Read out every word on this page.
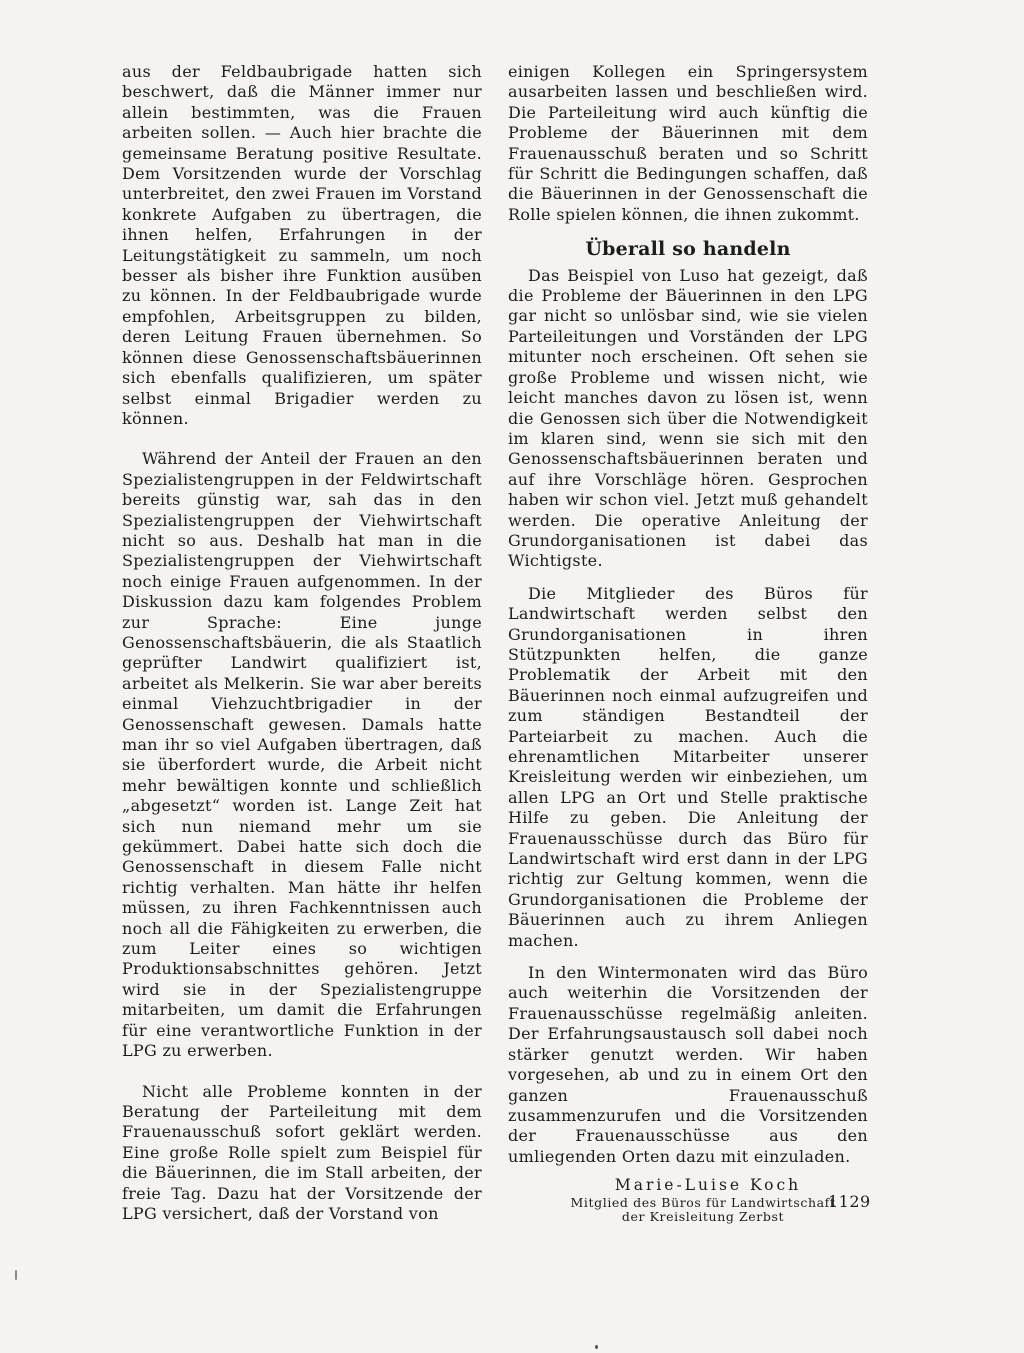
aus der Feldbaubrigade hatten sich beschwert, daß die Männer immer nur allein bestimmten, was die Frauen arbeiten sollen. — Auch hier brachte die gemeinsame Beratung positive Resultate. Dem Vorsitzenden wurde der Vorschlag unterbreitet, den zwei Frauen im Vorstand konkrete Aufgaben zu übertragen, die ihnen helfen, Erfahrungen in der Leitungstätigkeit zu sammeln, um noch besser als bisher ihre Funktion ausüben zu können. In der Feldbaubrigade wurde empfohlen, Arbeitsgruppen zu bilden, deren Leitung Frauen übernehmen. So können diese Genossenschaftsbäuerinnen sich ebenfalls qualifizieren, um später selbst einmal Brigadier werden zu können.

Während der Anteil der Frauen an den Spezialistengruppen in der Feldwirtschaft bereits günstig war, sah das in den Spezialistengruppen der Viehwirtschaft nicht so aus. Deshalb hat man in die Spezialistengruppen der Viehwirtschaft noch einige Frauen aufgenommen. In der Diskussion dazu kam folgendes Problem zur Sprache: Eine junge Genossenschaftsbäuerin, die als Staatlich geprüfter Landwirt qualifiziert ist, arbeitet als Melkerin. Sie war aber bereits einmal Viehzuchtbrigadier in der Genossenschaft gewesen. Damals hatte man ihr so viel Aufgaben übertragen, daß sie überfordert wurde, die Arbeit nicht mehr bewältigen konnte und schließlich „abgesetzt“ worden ist. Lange Zeit hat sich nun niemand mehr um sie gekümmert. Dabei hatte sich doch die Genossenschaft in diesem Falle nicht richtig verhalten. Man hätte ihr helfen müssen, zu ihren Fachkenntnissen auch noch all die Fähigkeiten zu erwerben, die zum Leiter eines so wichtigen Produktionsabschnittes gehören. Jetzt wird sie in der Spezialistengruppe mitarbeiten, um damit die Erfahrungen für eine verantwortliche Funktion in der LPG zu erwerben.

Nicht alle Probleme konnten in der Beratung der Parteileitung mit dem Frauenausschuß sofort geklärt werden. Eine große Rolle spielt zum Beispiel für die Bäuerinnen, die im Stall arbeiten, der freie Tag. Dazu hat der Vorsitzende der LPG versichert, daß der Vorstand von

einigen Kollegen ein Springersystem ausarbeiten lassen und beschließen wird. Die Parteileitung wird auch künftig die Probleme der Bäuerinnen mit dem Frauenausschuß beraten und so Schritt für Schritt die Bedingungen schaffen, daß die Bäuerinnen in der Genossenschaft die Rolle spielen können, die ihnen zukommt.

Überall so handeln

Das Beispiel von Luso hat gezeigt, daß die Probleme der Bäuerinnen in den LPG gar nicht so unlösbar sind, wie sie vielen Parteileitungen und Vorständen der LPG mitunter noch erscheinen. Oft sehen sie große Probleme und wissen nicht, wie leicht manches davon zu lösen ist, wenn die Genossen sich über die Notwendigkeit im klaren sind, wenn sie sich mit den Genossenschaftsbäuerinnen beraten und auf ihre Vorschläge hören. Gesprochen haben wir schon viel. Jetzt muß gehandelt werden. Die operative Anleitung der Grundorganisationen ist dabei das Wichtigste.

Die Mitglieder des Büros für Landwirtschaft werden selbst den Grundorganisationen in ihren Stützpunkten helfen, die ganze Problematik der Arbeit mit den Bäuerinnen noch einmal aufzugreifen und zum ständigen Bestandteil der Parteiarbeit zu machen. Auch die ehrenamtlichen Mitarbeiter unserer Kreisleitung werden wir einbeziehen, um allen LPG an Ort und Stelle praktische Hilfe zu geben. Die Anleitung der Frauenausschüsse durch das Büro für Landwirtschaft wird erst dann in der LPG richtig zur Geltung kommen, wenn die Grundorganisationen die Probleme der Bäuerinnen auch zu ihrem Anliegen machen.

In den Wintermonaten wird das Büro auch weiterhin die Vorsitzenden der Frauenausschüsse regelmäßig anleiten. Der Erfahrungsaustausch soll dabei noch stärker genutzt werden. Wir haben vorgesehen, ab und zu in einem Ort den ganzen Frauenausschuß zusammenzurufen und die Vorsitzenden der Frauenausschüsse aus den umliegenden Orten dazu mit einzuladen.

Marie-Luise Koch
Mitglied des Büros für Landwirtschaft
der Kreisleitung Zerbst
1129
